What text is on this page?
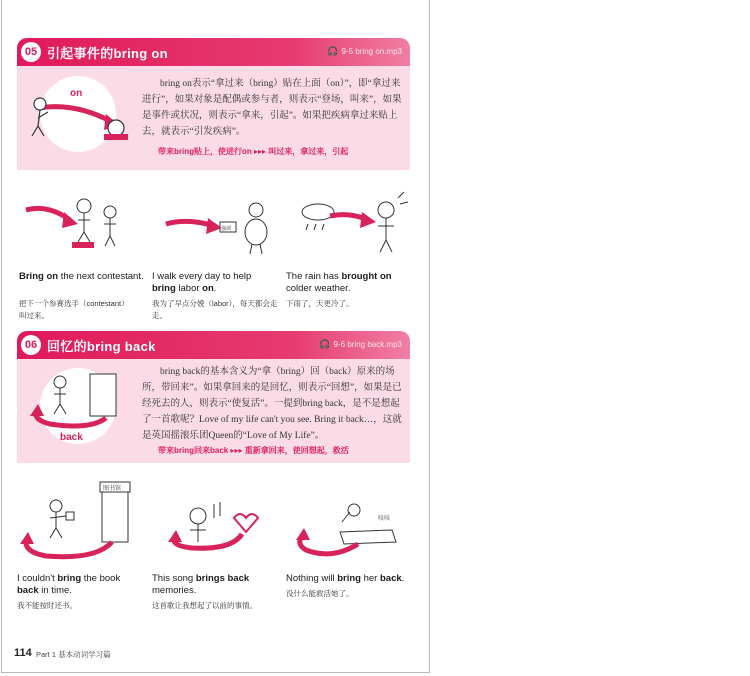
05 引起事件的bring on	🎧 9-5 bring on.mp3
on
bring on表示“拿过来（bring）贴在上面（on）”，即“拿过来进行”，如果对象是配偶或参与者，则表示“登场，叫来”，如果是事件或状况，则表示“拿来，引起”。如果把疾病拿过来贴上去，就表示“引发疾病”。
带来bring贴上，使进行on ▸▸▸ 叫过来，拿过来，引起
Bring on the next contestant.
把下一个参赛选手（contestant）叫过来。
强调
I walk every day to help bring labor on.
我为了早点分娩（labor），每天都会走走。
The rain has brought on colder weather.
下雨了，天更冷了。
06 回忆的bring back	🎧 9-6 bring back.mp3
back
bring back的基本含义为“拿（bring）回（back）原来的场所，带回来”。如果拿回来的是回忆，则表示“回想”，如果是已经死去的人，则表示“使复活”。一提到bring back，是不是想起了一首歌呢？Love of my life can't you see. Bring it back…，这就是英国摇滚乐团Queen的“Love of My Life”。
带来bring回来back ▸▸▸ 重新拿回来，使回想起，救活
图书馆
I couldn't bring the book back in time.
我不能按时还书。
This song brings back memories.
这首歌让我想起了以前的事情。
咳咳
Nothing will bring her back.
没什么能救活她了。
114 Part 1 基本动词学习篇
